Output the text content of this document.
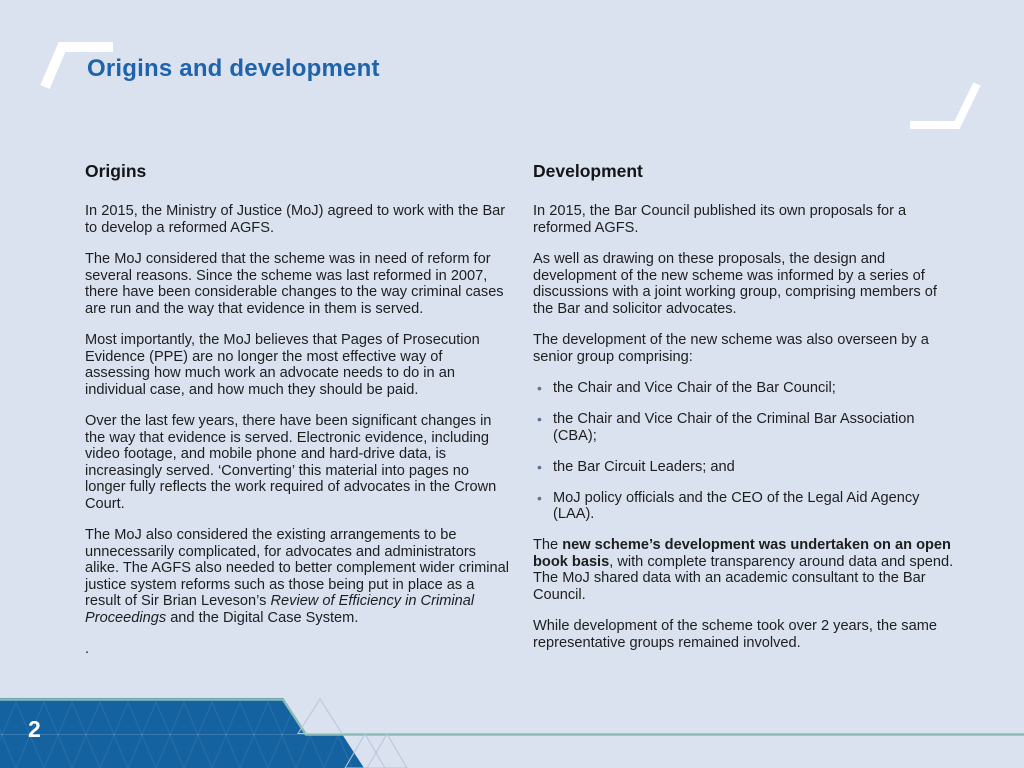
Origins and development
Origins
In 2015, the Ministry of Justice (MoJ) agreed to work with the Bar to develop a reformed AGFS.
The MoJ considered that the scheme was in need of reform for several reasons. Since the scheme was last reformed in 2007, there have been considerable changes to the way criminal cases are run and the way that evidence in them is served.
Most importantly, the MoJ believes that Pages of Prosecution Evidence (PPE) are no longer the most effective way of assessing how much work an advocate needs to do in an individual case, and how much they should be paid.
Over the last few years, there have been significant changes in the way that evidence is served. Electronic evidence, including video footage, and mobile phone and hard-drive data, is increasingly served. ‘Converting’ this material into pages no longer fully reflects the work required of advocates in the Crown Court.
The MoJ also considered the existing arrangements to be unnecessarily complicated, for advocates and administrators alike. The AGFS also needed to better complement wider criminal justice system reforms such as those being put in place as a result of Sir Brian Leveson’s Review of Efficiency in Criminal Proceedings and the Digital Case System.
.
Development
In 2015, the Bar Council published its own proposals for a reformed AGFS.
As well as drawing on these proposals, the design and development of the new scheme was informed by a series of discussions with a joint working group, comprising members of the Bar and solicitor advocates.
The development of the new scheme was also overseen by a senior group comprising:
• the Chair and Vice Chair of the Bar Council;
• the Chair and Vice Chair of the Criminal Bar Association (CBA);
• the Bar Circuit Leaders; and
• MoJ policy officials and the CEO of the Legal Aid Agency (LAA).
The new scheme’s development was undertaken on an open book basis, with complete transparency around data and spend. The MoJ shared data with an academic consultant to the Bar Council.
While development of the scheme took over 2 years, the same representative groups remained involved.
2
